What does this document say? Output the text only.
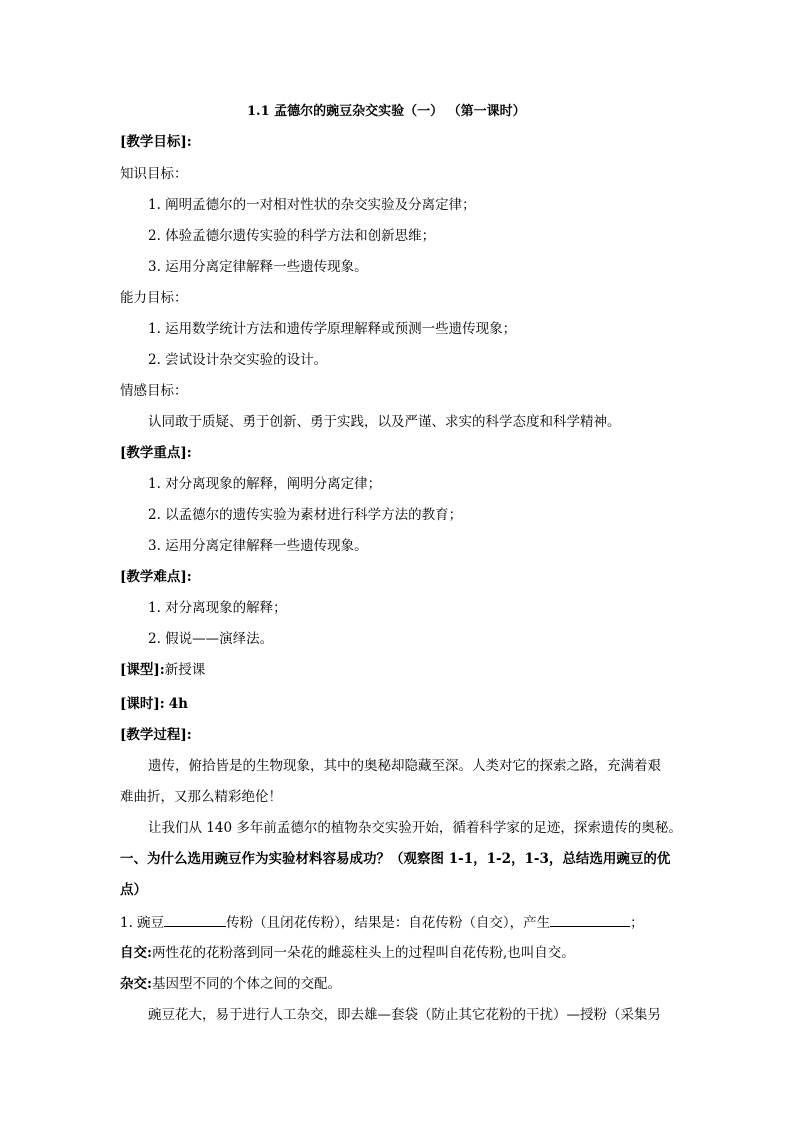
1.1 孟德尔的豌豆杂交实验（一） （第一课时）
[教学目标]:
知识目标：
1. 阐明孟德尔的一对相对性状的杂交实验及分离定律；
2. 体验孟德尔遗传实验的科学方法和创新思维；
3. 运用分离定律解释一些遗传现象。
能力目标：
1. 运用数学统计方法和遗传学原理解释或预测一些遗传现象；
2. 尝试设计杂交实验的设计。
情感目标：
认同敢于质疑、勇于创新、勇于实践，以及严谨、求实的科学态度和科学精神。
[教学重点]:
1. 对分离现象的解释，阐明分离定律；
2. 以孟德尔的遗传实验为素材进行科学方法的教育；
3. 运用分离定律解释一些遗传现象。
[教学难点]:
1. 对分离现象的解释；
2. 假说——演绎法。
[课型]:新授课
[课时]: 4h
[教学过程]:
遗传，俯拾皆是的生物现象，其中的奥秘却隐藏至深。人类对它的探索之路，充满着艰
难曲折，又那么精彩绝伦！
让我们从 140 多年前孟德尔的植物杂交实验开始，循着科学家的足迹，探索遗传的奥秘。
一、为什么选用豌豆作为实验材料容易成功？（观察图 1-1，1-2，1-3，总结选用豌豆的优
点）
1. 豌豆	传粉（且闭花传粉），结果是：自花传粉（自交），产生	；
自交:两性花的花粉落到同一朵花的雌蕊柱头上的过程叫自花传粉,也叫自交。
杂交:基因型不同的个体之间的交配。
豌豆花大，易于进行人工杂交，即去雄—套袋（防止其它花粉的干扰）—授粉（采集另
